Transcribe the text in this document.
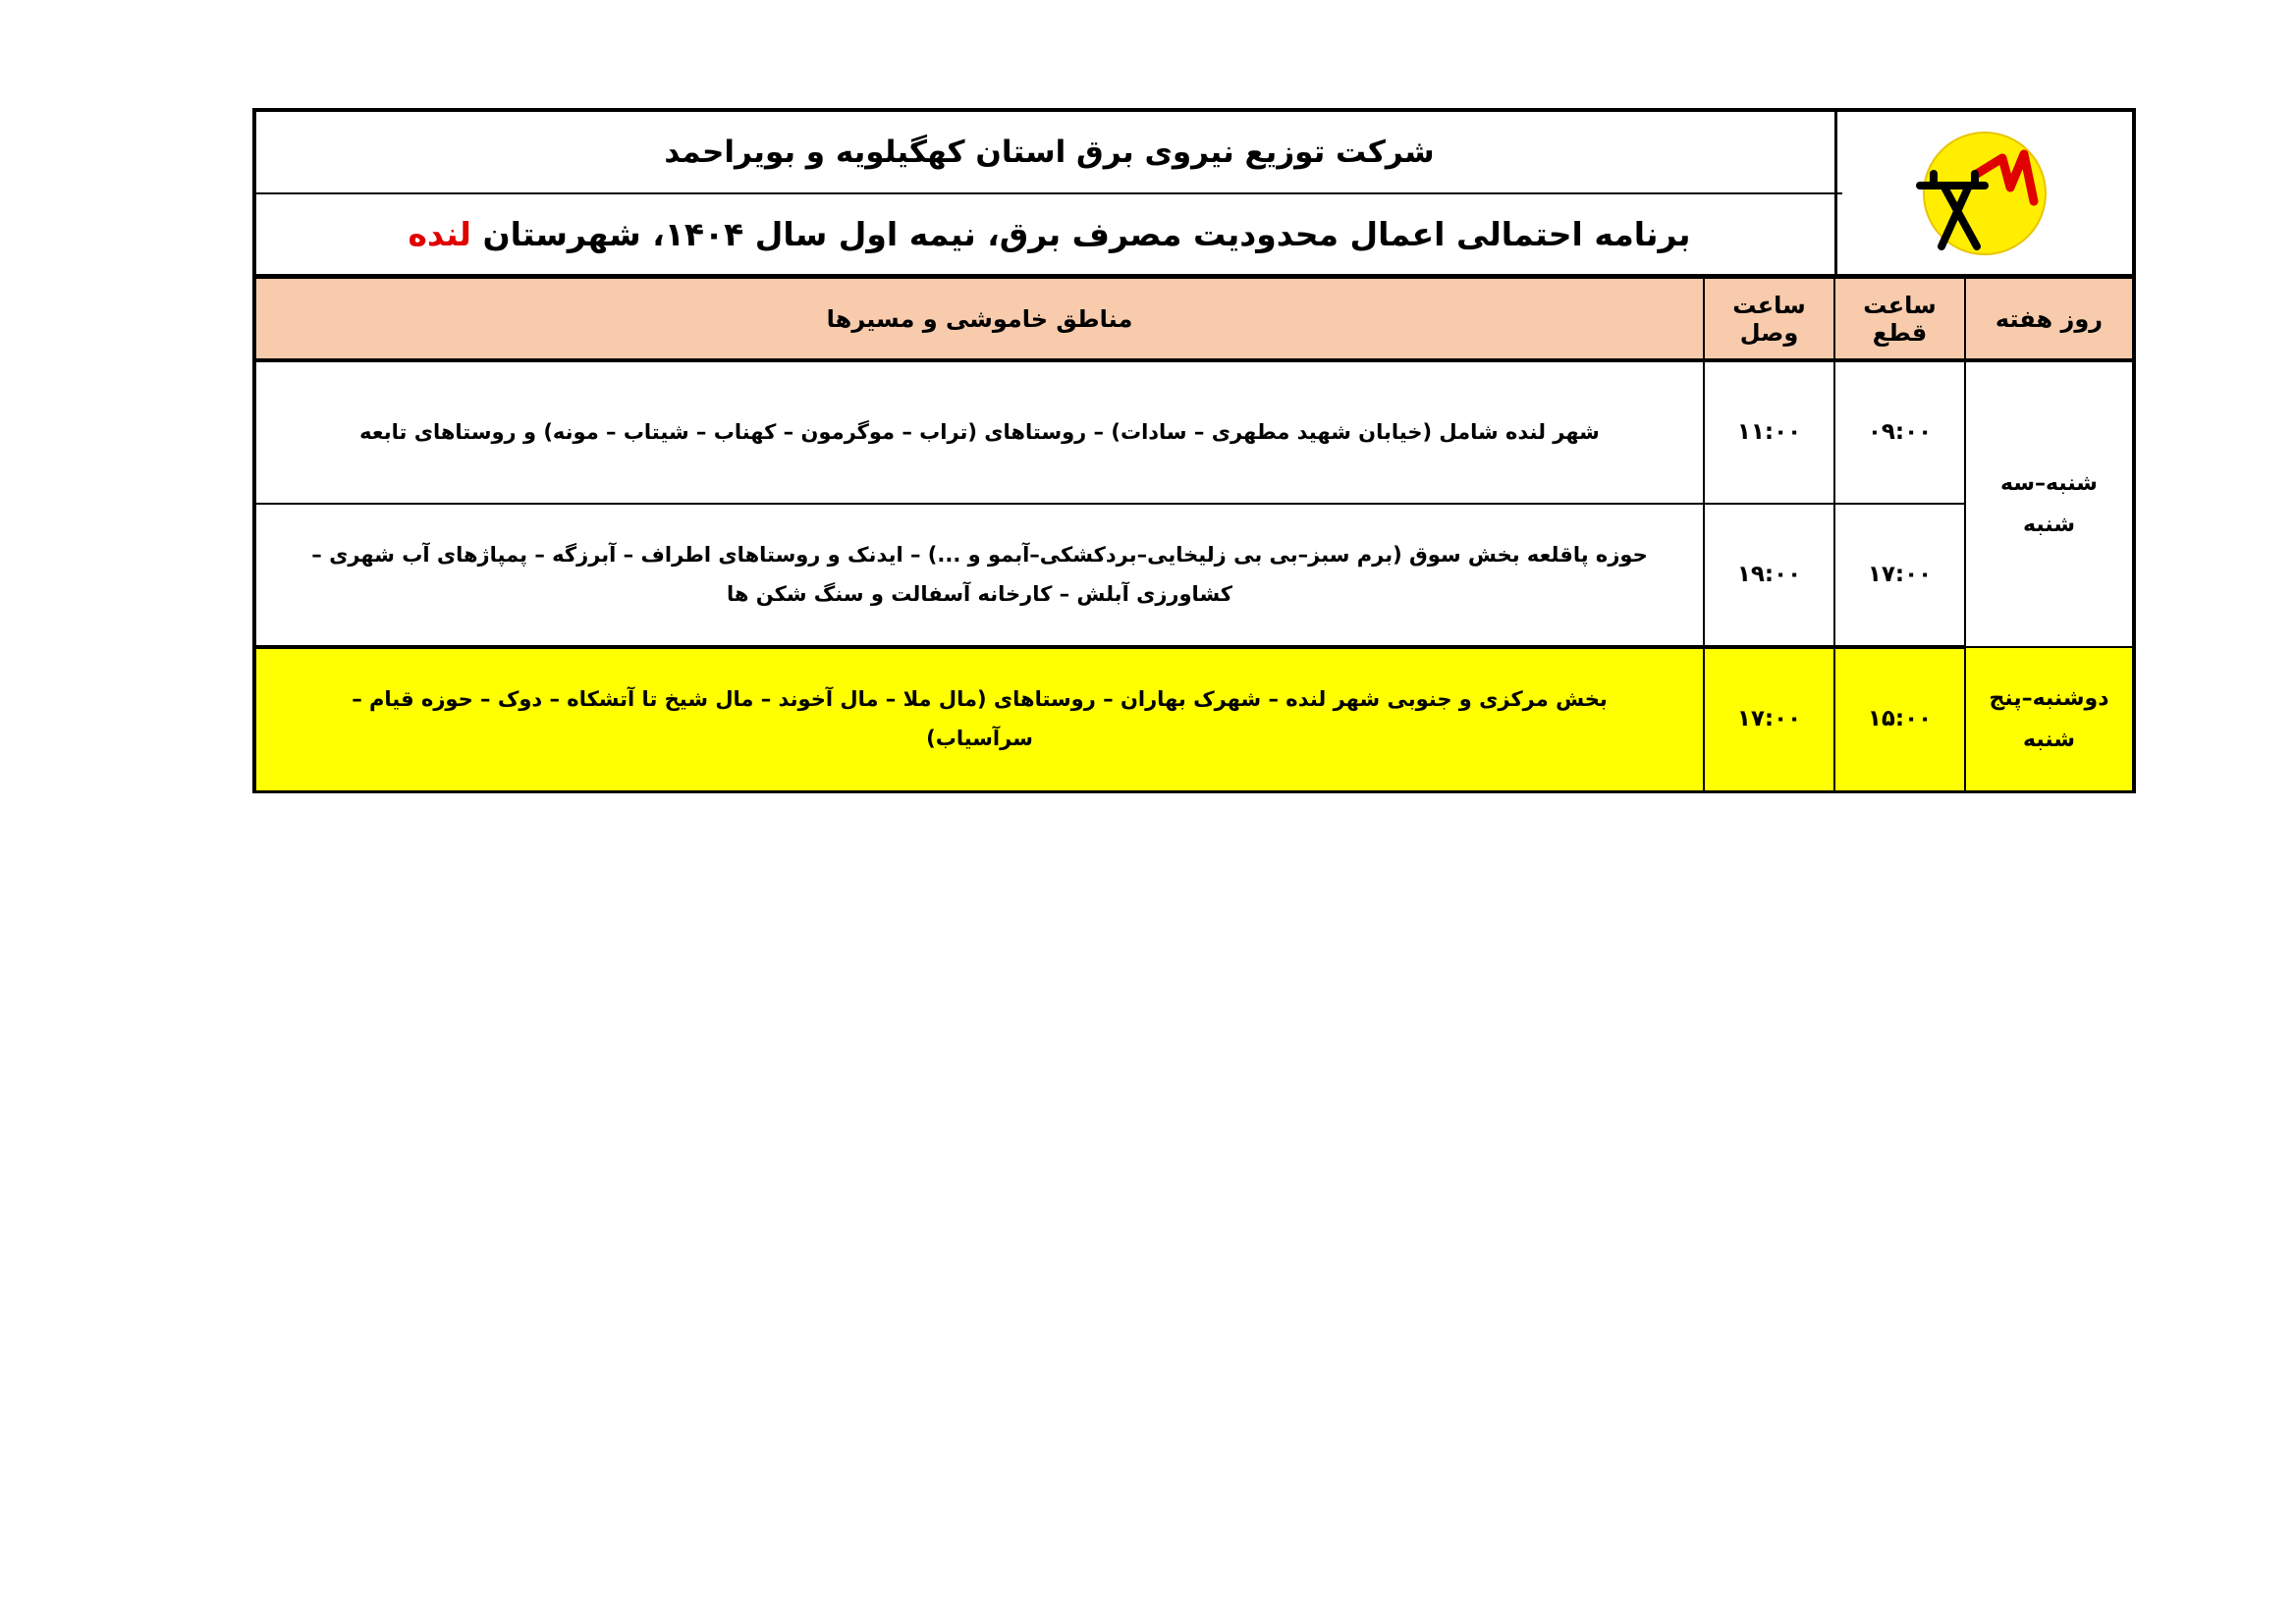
شرکت توزیع نیروی برق استان کهگیلویه و بویراحمد
برنامه احتمالی اعمال محدودیت مصرف برق، نیمه اول سال ۱۴۰۴، شهرستان

لنده
روز هفته	ساعت قطع	ساعت وصل	مناطق خاموشی و مسیرها
شنبه–سه شنبه	۰۹:۰۰	۱۱:۰۰	شهر لنده شامل (خیابان شهید مطهری – سادات) – روستاهای (تراب – موگرمون – کهناب – شیتاب – مونه) و روستاهای تابعه
	۱۷:۰۰	۱۹:۰۰	حوزه پاقلعه بخش سوق (برم سبز–بی بی زلیخایی–بردکشکی–آبمو و ...) – ایدنک و روستاهای اطراف – آبرزگه – پمپاژهای آب شهری – کشاورزی آبلش – کارخانه آسفالت و سنگ شکن ها
دوشنبه–پنج شنبه	۱۵:۰۰	۱۷:۰۰	بخش مرکزی و جنوبی شهر لنده – شهرک بهاران – روستاهای (مال ملا – مال آخوند – مال شیخ تا آتشکاه – دوک – حوزه قیام – سرآسیاب)
